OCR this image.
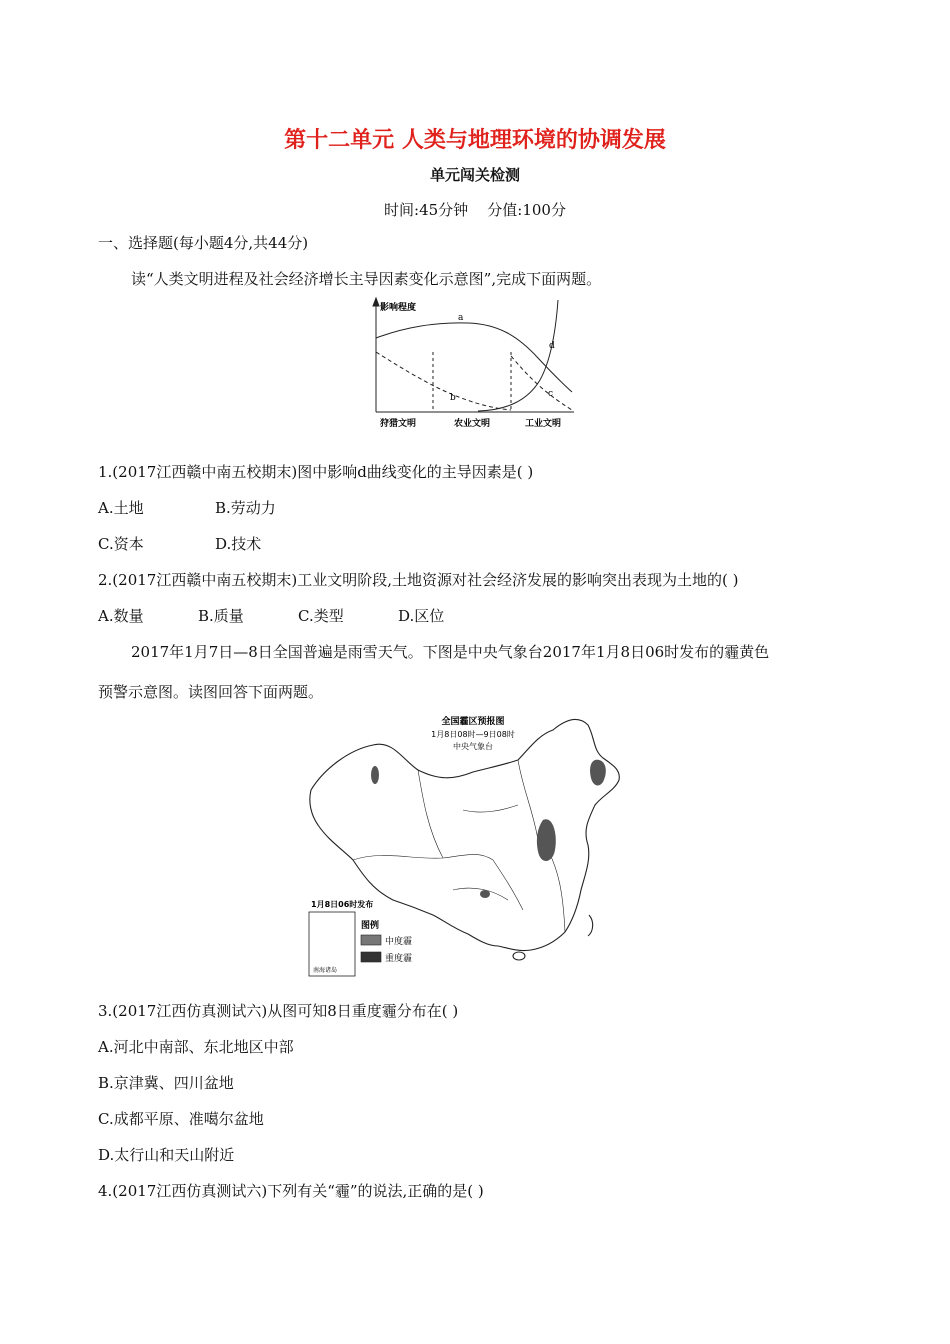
第十二单元 人类与地理环境的协调发展
单元闯关检测
时间:45分钟 分值:100分
一、选择题(每小题4分,共44分)
读“人类文明进程及社会经济增长主导因素变化示意图”,完成下面两题。
影响程度
a
b	c
d
狩猎文明	农业文明	工业文明
1.(2017江西赣中南五校期末)图中影响d曲线变化的主导因素是( )
A.土地	B.劳动力
C.资本	D.技术
2.(2017江西赣中南五校期末)工业文明阶段,土地资源对社会经济发展的影响突出表现为土地的( )
A.数量	B.质量	C.类型	D.区位
2017年1月7日—8日全国普遍是雨雪天气。下图是中央气象台2017年1月8日06时发布的霾黄色
预警示意图。读图回答下面两题。
全国霾区预报图
1月8日08时—9日08时
中央气象台
1月8日06时发布
南海诸岛
图例
中度霾
重度霾
3.(2017江西仿真测试六)从图可知8日重度霾分布在( )
A.河北中南部、东北地区中部
B.京津冀、四川盆地
C.成都平原、准噶尔盆地
D.太行山和天山附近
4.(2017江西仿真测试六)下列有关“霾”的说法,正确的是( )
